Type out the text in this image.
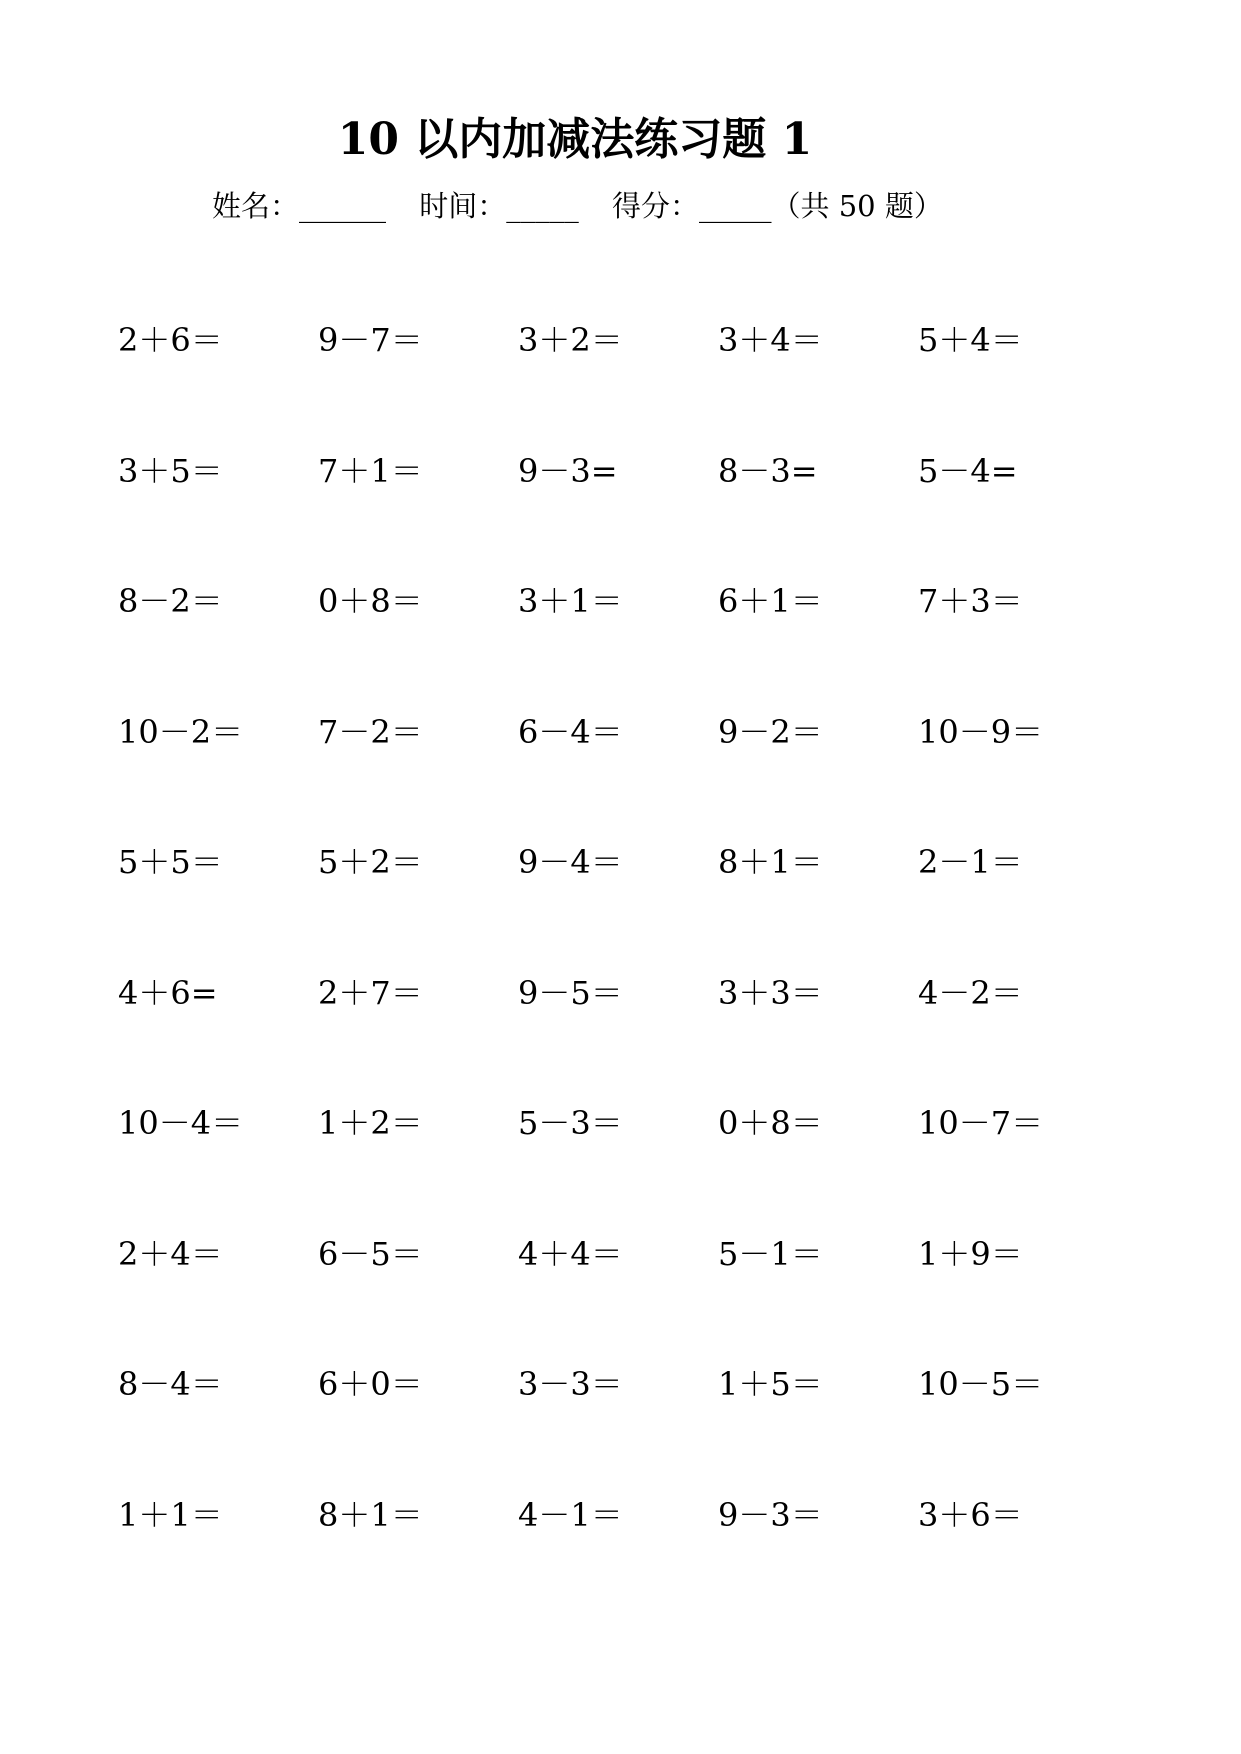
10 以内加减法练习题 1
姓名：______ 时间：_____ 得分：_____（共 50 题）
2＋6＝	9－7＝	3＋2＝	3＋4＝	5＋4＝
3＋5＝	7＋1＝	9－3=	8－3=	5－4=
8－2＝	0＋8＝	3＋1＝	6＋1＝	7＋3＝
10－2＝ 7－2＝	6－4＝	9－2＝	10－9＝
5＋5＝	5＋2＝	9－4＝	8＋1＝	2－1＝
4＋6=	2＋7＝	9－5＝	3＋3＝	4－2＝
10－4＝ 1＋2＝	5－3＝	0＋8＝	10－7＝
2＋4＝	6－5＝	4＋4＝	5－1＝	1＋9＝
8－4＝	6＋0＝	3－3＝	1＋5＝	10－5＝
1＋1＝	8＋1＝	4－1＝	9－3＝	3＋6＝
